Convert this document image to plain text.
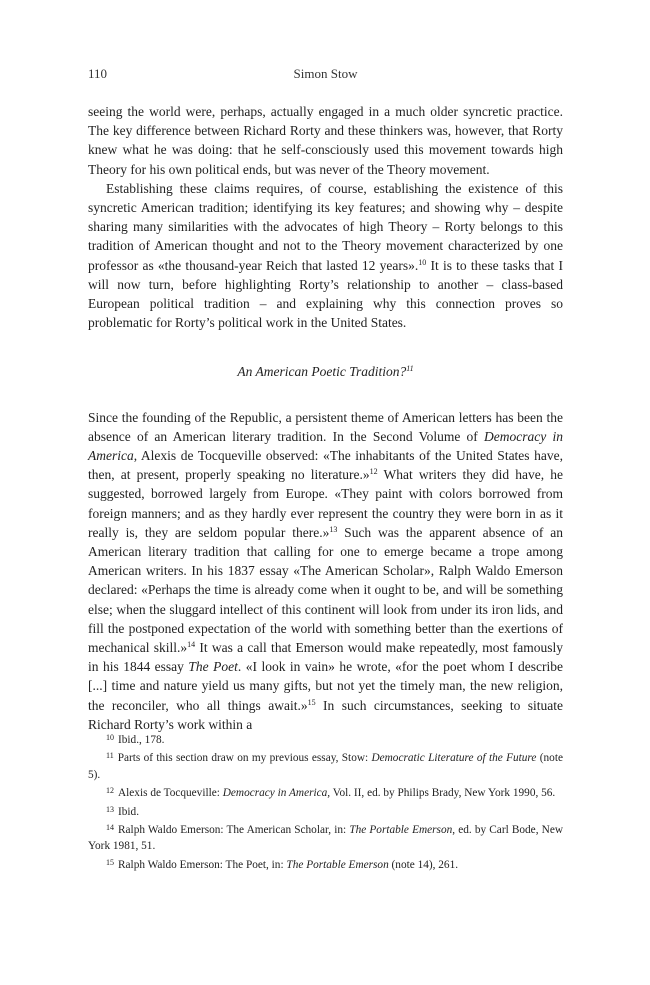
110	Simon Stow

seeing the world were, perhaps, actually engaged in a much older syncretic practice. The key difference between Richard Rorty and these thinkers was, however, that Rorty knew what he was doing: that he self-consciously used this movement towards high Theory for his own political ends, but was never of the Theory movement.

Establishing these claims requires, of course, establishing the existence of this syncretic American tradition; identifying its key features; and showing why – despite sharing many similarities with the advocates of high Theory – Rorty belongs to this tradition of American thought and not to the Theory movement characterized by one professor as «the thousand-year Reich that lasted 12 years».$^{10}$ It is to these tasks that I will now turn, before highlighting Rorty’s relationship to another – class-based European political tradition – and explaining why this connection proves so problematic for Rorty’s political work in the United States.

An American Poetic Tradition?$^{11}$

Since the founding of the Republic, a persistent theme of American letters has been the absence of an American literary tradition. In the Second Volume of Democracy in America, Alexis de Tocqueville observed: «The inhabitants of the United States have, then, at present, properly speaking no literature.»$^{12}$ What writers they did have, he suggested, borrowed largely from Europe. «They paint with colors borrowed from foreign manners; and as they hardly ever represent the country they were born in as it really is, they are seldom popular there.»$^{13}$ Such was the apparent absence of an American literary tradition that calling for one to emerge became a trope among American writers. In his 1837 essay «The American Scholar», Ralph Waldo Emerson declared: «Perhaps the time is already come when it ought to be, and will be something else; when the sluggard intellect of this continent will look from under its iron lids, and fill the postponed expectation of the world with something better than the exertions of mechanical skill.»$^{14}$ It was a call that Emerson would make repeatedly, most famously in his 1844 essay The Poet. «I look in vain» he wrote, «for the poet whom I describe [...] time and nature yield us many gifts, but not yet the timely man, the new religion, the reconciler, who all things await.»$^{15}$ In such circumstances, seeking to situate Richard Rorty’s work within a

$^{10}$ Ibid., 178.

$^{11}$ Parts of this section draw on my previous essay, Stow: Democratic Literature of the Future (note 5).

$^{12}$ Alexis de Tocqueville: Democracy in America, Vol. II, ed. by Philips Brady, New York 1990, 56.

$^{13}$ Ibid.

$^{14}$ Ralph Waldo Emerson: The American Scholar, in: The Portable Emerson, ed. by Carl Bode, New York 1981, 51.

$^{15}$ Ralph Waldo Emerson: The Poet, in: The Portable Emerson (note 14), 261.
